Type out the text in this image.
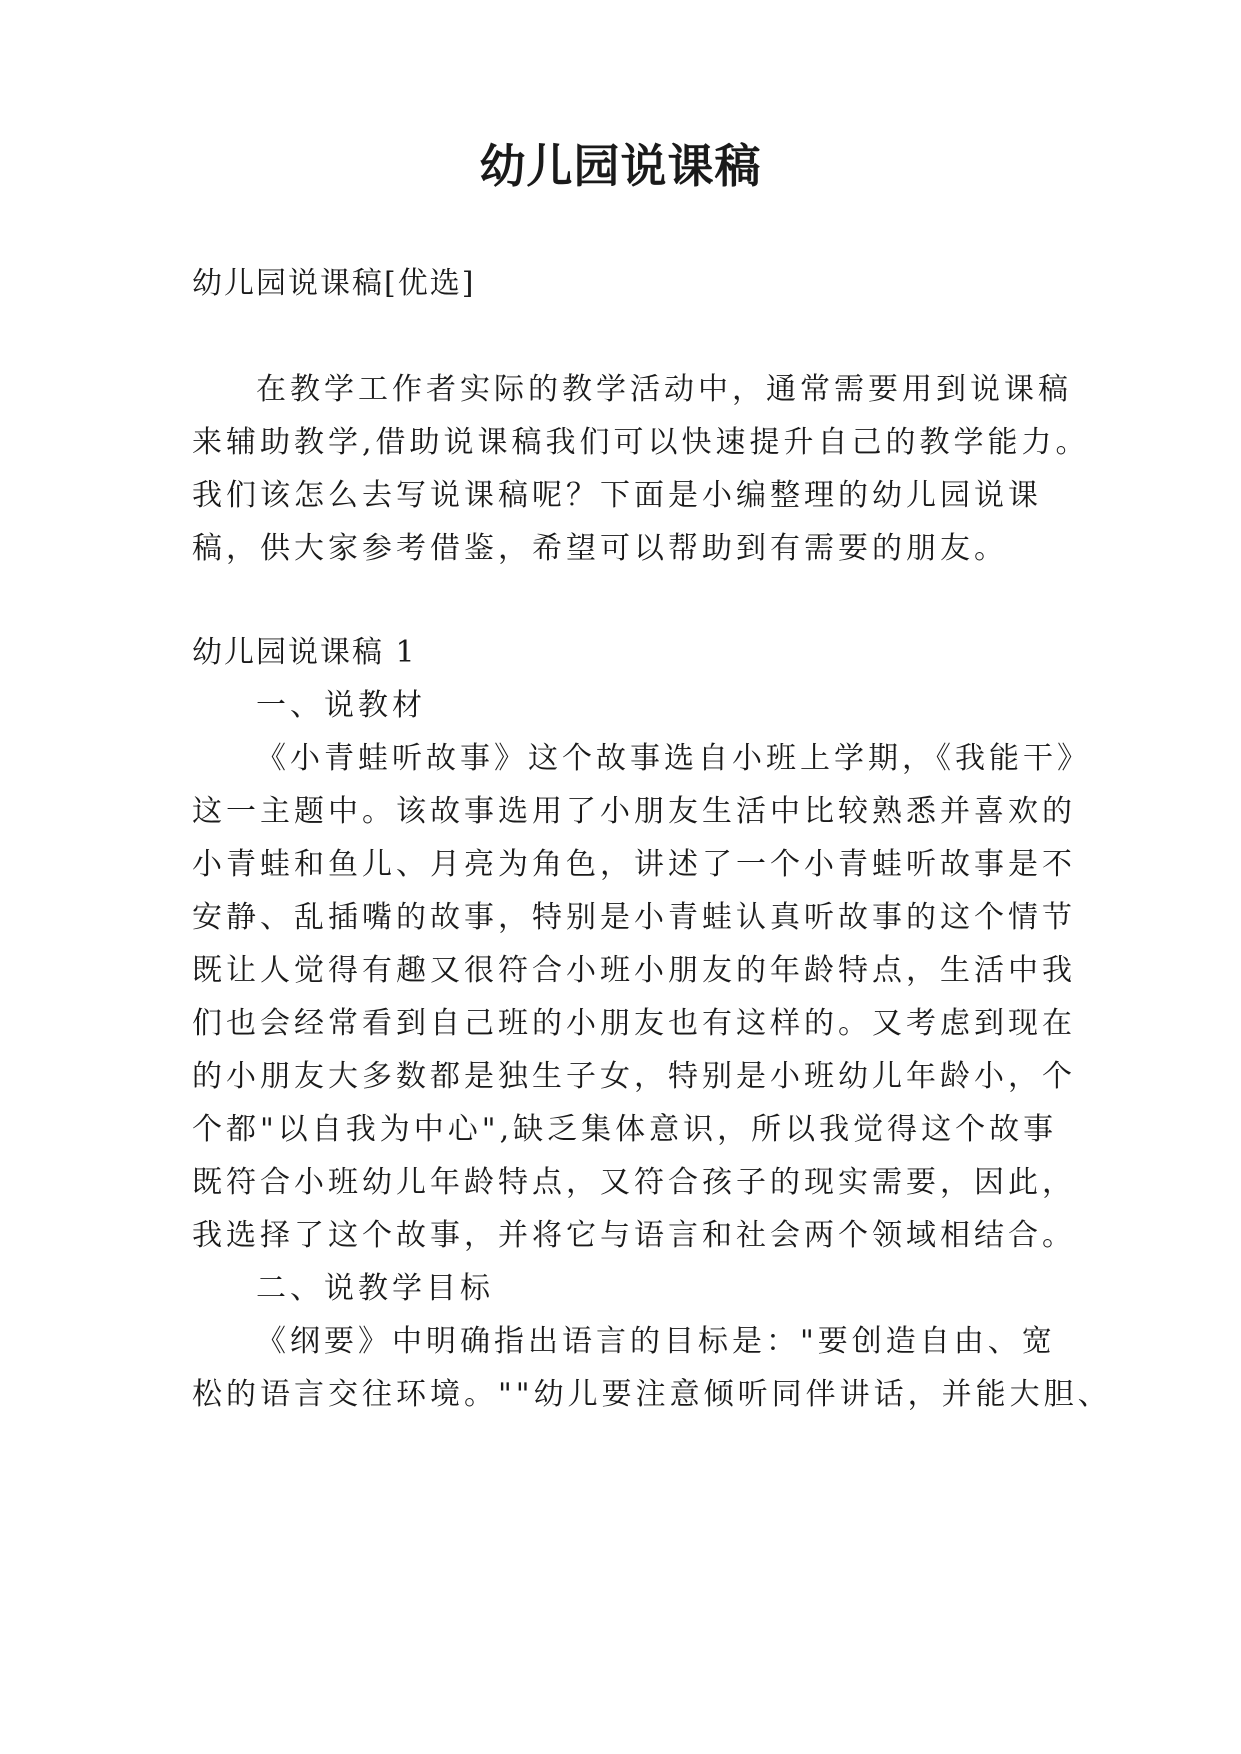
幼儿园说课稿
幼儿园说课稿[优选]
在教学工作者实际的教学活动中，通常需要用到说课稿
来辅助教学,借助说课稿我们可以快速提升自己的教学能力。
我们该怎么去写说课稿呢？下面是小编整理的幼儿园说课
稿，供大家参考借鉴，希望可以帮助到有需要的朋友。
幼儿园说课稿 1
一、说教材
《小青蛙听故事》这个故事选自小班上学期，《我能干》
这一主题中。该故事选用了小朋友生活中比较熟悉并喜欢的
小青蛙和鱼儿、月亮为角色，讲述了一个小青蛙听故事是不
安静、乱插嘴的故事，特别是小青蛙认真听故事的这个情节
既让人觉得有趣又很符合小班小朋友的年龄特点，生活中我
们也会经常看到自己班的小朋友也有这样的。又考虑到现在
的小朋友大多数都是独生子女，特别是小班幼儿年龄小，个
个都"以自我为中心",缺乏集体意识，所以我觉得这个故事
既符合小班幼儿年龄特点，又符合孩子的现实需要，因此，
我选择了这个故事，并将它与语言和社会两个领域相结合。
二、说教学目标
《纲要》中明确指出语言的目标是："要创造自由、宽
松的语言交往环境。""幼儿要注意倾听同伴讲话，并能大胆、
